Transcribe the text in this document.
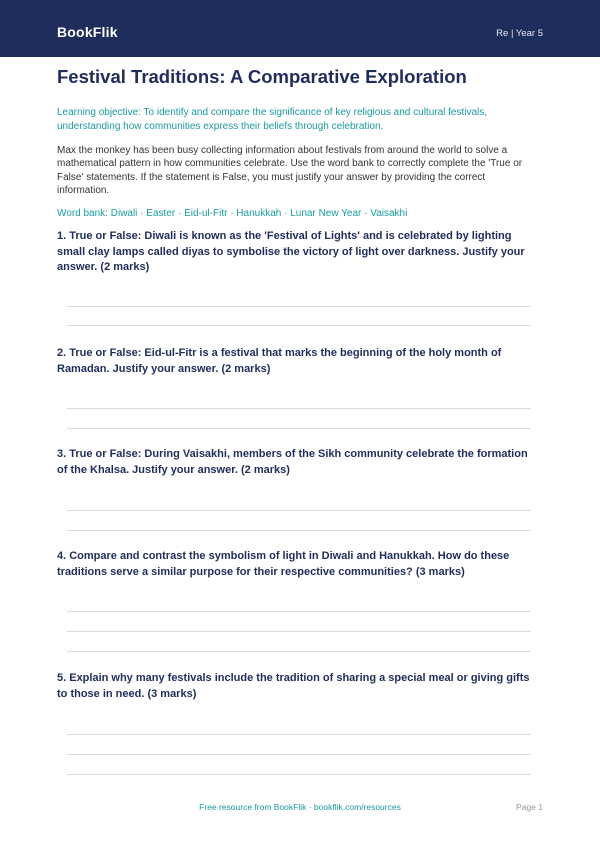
BookFlik	Re | Year 5
Festival Traditions: A Comparative Exploration
Learning objective: To identify and compare the significance of key religious and cultural festivals, understanding how communities express their beliefs through celebration.
Max the monkey has been busy collecting information about festivals from around the world to solve a mathematical pattern in how communities celebrate. Use the word bank to correctly complete the 'True or False' statements. If the statement is False, you must justify your answer by providing the correct information.
Word bank: Diwali · Easter · Eid-ul-Fitr · Hanukkah · Lunar New Year · Vaisakhi
1. True or False: Diwali is known as the 'Festival of Lights' and is celebrated by lighting small clay lamps called diyas to symbolise the victory of light over darkness. Justify your answer. (2 marks)
2. True or False: Eid-ul-Fitr is a festival that marks the beginning of the holy month of Ramadan. Justify your answer. (2 marks)
3. True or False: During Vaisakhi, members of the Sikh community celebrate the formation of the Khalsa. Justify your answer. (2 marks)
4. Compare and contrast the symbolism of light in Diwali and Hanukkah. How do these traditions serve a similar purpose for their respective communities? (3 marks)
5. Explain why many festivals include the tradition of sharing a special meal or giving gifts to those in need. (3 marks)
Free resource from BookFlik · bookflik.com/resources	Page 1
